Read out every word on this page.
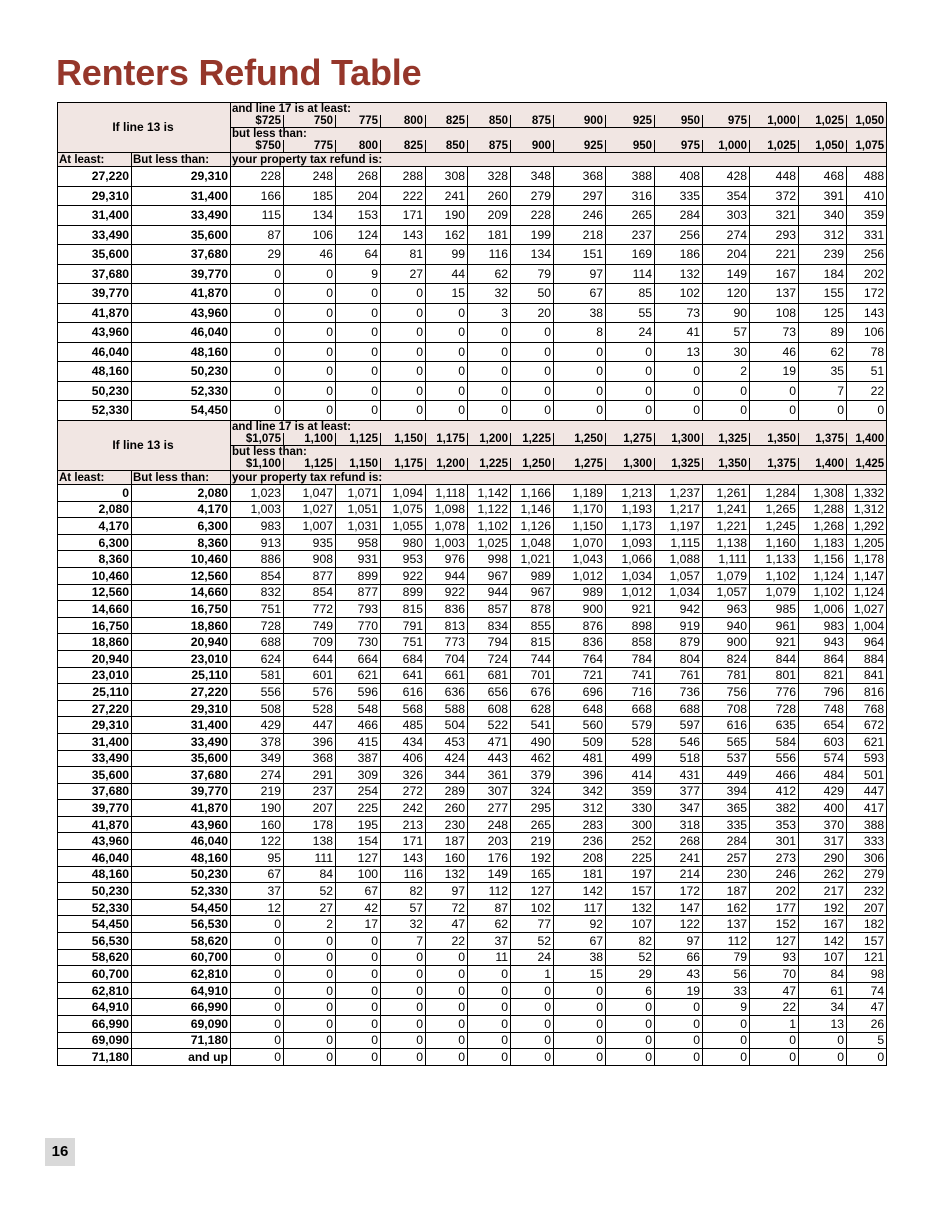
Renters Refund Table
If line 13 is		and line 17 is at least:													
		$725	750	775	800	825	850	875	900	925	950	975	1,000	1,025	1,050
		but less than:													
		$750	775	800	825	850	875	900	925	950	975	1,000	1,025	1,050	1,075
At least:	But less than:	your property tax refund is:													
27,220	29,310	228	248	268	288	308	328	348	368	388	408	428	448	468	488
29,310	31,400	166	185	204	222	241	260	279	297	316	335	354	372	391	410
31,400	33,490	115	134	153	171	190	209	228	246	265	284	303	321	340	359
33,490	35,600	87	106	124	143	162	181	199	218	237	256	274	293	312	331
35,600	37,680	29	46	64	81	99	116	134	151	169	186	204	221	239	256
37,680	39,770	0	0	9	27	44	62	79	97	114	132	149	167	184	202
39,770	41,870	0	0	0	0	15	32	50	67	85	102	120	137	155	172
41,870	43,960	0	0	0	0	0	3	20	38	55	73	90	108	125	143
43,960	46,040	0	0	0	0	0	0	0	8	24	41	57	73	89	106
46,040	48,160	0	0	0	0	0	0	0	0	0	13	30	46	62	78
48,160	50,230	0	0	0	0	0	0	0	0	0	0	2	19	35	51
50,230	52,330	0	0	0	0	0	0	0	0	0	0	0	0	7	22
52,330	54,450	0	0	0	0	0	0	0	0	0	0	0	0	0	0
If line 13 is		and line 17 is at least:													
		$1,075	1,100	1,125	1,150	1,175	1,200	1,225	1,250	1,275	1,300	1,325	1,350	1,375	1,400
		but less than:													
		$1,100	1,125	1,150	1,175	1,200	1,225	1,250	1,275	1,300	1,325	1,350	1,375	1,400	1,425
At least:	But less than:	your property tax refund is:													
0	2,080	1,023	1,047	1,071	1,094	1,118	1,142	1,166	1,189	1,213	1,237	1,261	1,284	1,308	1,332
2,080	4,170	1,003	1,027	1,051	1,075	1,098	1,122	1,146	1,170	1,193	1,217	1,241	1,265	1,288	1,312
4,170	6,300	983	1,007	1,031	1,055	1,078	1,102	1,126	1,150	1,173	1,197	1,221	1,245	1,268	1,292
6,300	8,360	913	935	958	980	1,003	1,025	1,048	1,070	1,093	1,115	1,138	1,160	1,183	1,205
8,360	10,460	886	908	931	953	976	998	1,021	1,043	1,066	1,088	1,111	1,133	1,156	1,178
10,460	12,560	854	877	899	922	944	967	989	1,012	1,034	1,057	1,079	1,102	1,124	1,147
12,560	14,660	832	854	877	899	922	944	967	989	1,012	1,034	1,057	1,079	1,102	1,124
14,660	16,750	751	772	793	815	836	857	878	900	921	942	963	985	1,006	1,027
16,750	18,860	728	749	770	791	813	834	855	876	898	919	940	961	983	1,004
18,860	20,940	688	709	730	751	773	794	815	836	858	879	900	921	943	964
20,940	23,010	624	644	664	684	704	724	744	764	784	804	824	844	864	884
23,010	25,110	581	601	621	641	661	681	701	721	741	761	781	801	821	841
25,110	27,220	556	576	596	616	636	656	676	696	716	736	756	776	796	816
27,220	29,310	508	528	548	568	588	608	628	648	668	688	708	728	748	768
29,310	31,400	429	447	466	485	504	522	541	560	579	597	616	635	654	672
31,400	33,490	378	396	415	434	453	471	490	509	528	546	565	584	603	621
33,490	35,600	349	368	387	406	424	443	462	481	499	518	537	556	574	593
35,600	37,680	274	291	309	326	344	361	379	396	414	431	449	466	484	501
37,680	39,770	219	237	254	272	289	307	324	342	359	377	394	412	429	447
39,770	41,870	190	207	225	242	260	277	295	312	330	347	365	382	400	417
41,870	43,960	160	178	195	213	230	248	265	283	300	318	335	353	370	388
43,960	46,040	122	138	154	171	187	203	219	236	252	268	284	301	317	333
46,040	48,160	95	111	127	143	160	176	192	208	225	241	257	273	290	306
48,160	50,230	67	84	100	116	132	149	165	181	197	214	230	246	262	279
50,230	52,330	37	52	67	82	97	112	127	142	157	172	187	202	217	232
52,330	54,450	12	27	42	57	72	87	102	117	132	147	162	177	192	207
54,450	56,530	0	2	17	32	47	62	77	92	107	122	137	152	167	182
56,530	58,620	0	0	0	7	22	37	52	67	82	97	112	127	142	157
58,620	60,700	0	0	0	0	0	11	24	38	52	66	79	93	107	121
60,700	62,810	0	0	0	0	0	0	1	15	29	43	56	70	84	98
62,810	64,910	0	0	0	0	0	0	0	0	6	19	33	47	61	74
64,910	66,990	0	0	0	0	0	0	0	0	0	0	9	22	34	47
66,990	69,090	0	0	0	0	0	0	0	0	0	0	0	1	13	26
69,090	71,180	0	0	0	0	0	0	0	0	0	0	0	0	0	5
71,180	and up	0	0	0	0	0	0	0	0	0	0	0	0	0	0
16
